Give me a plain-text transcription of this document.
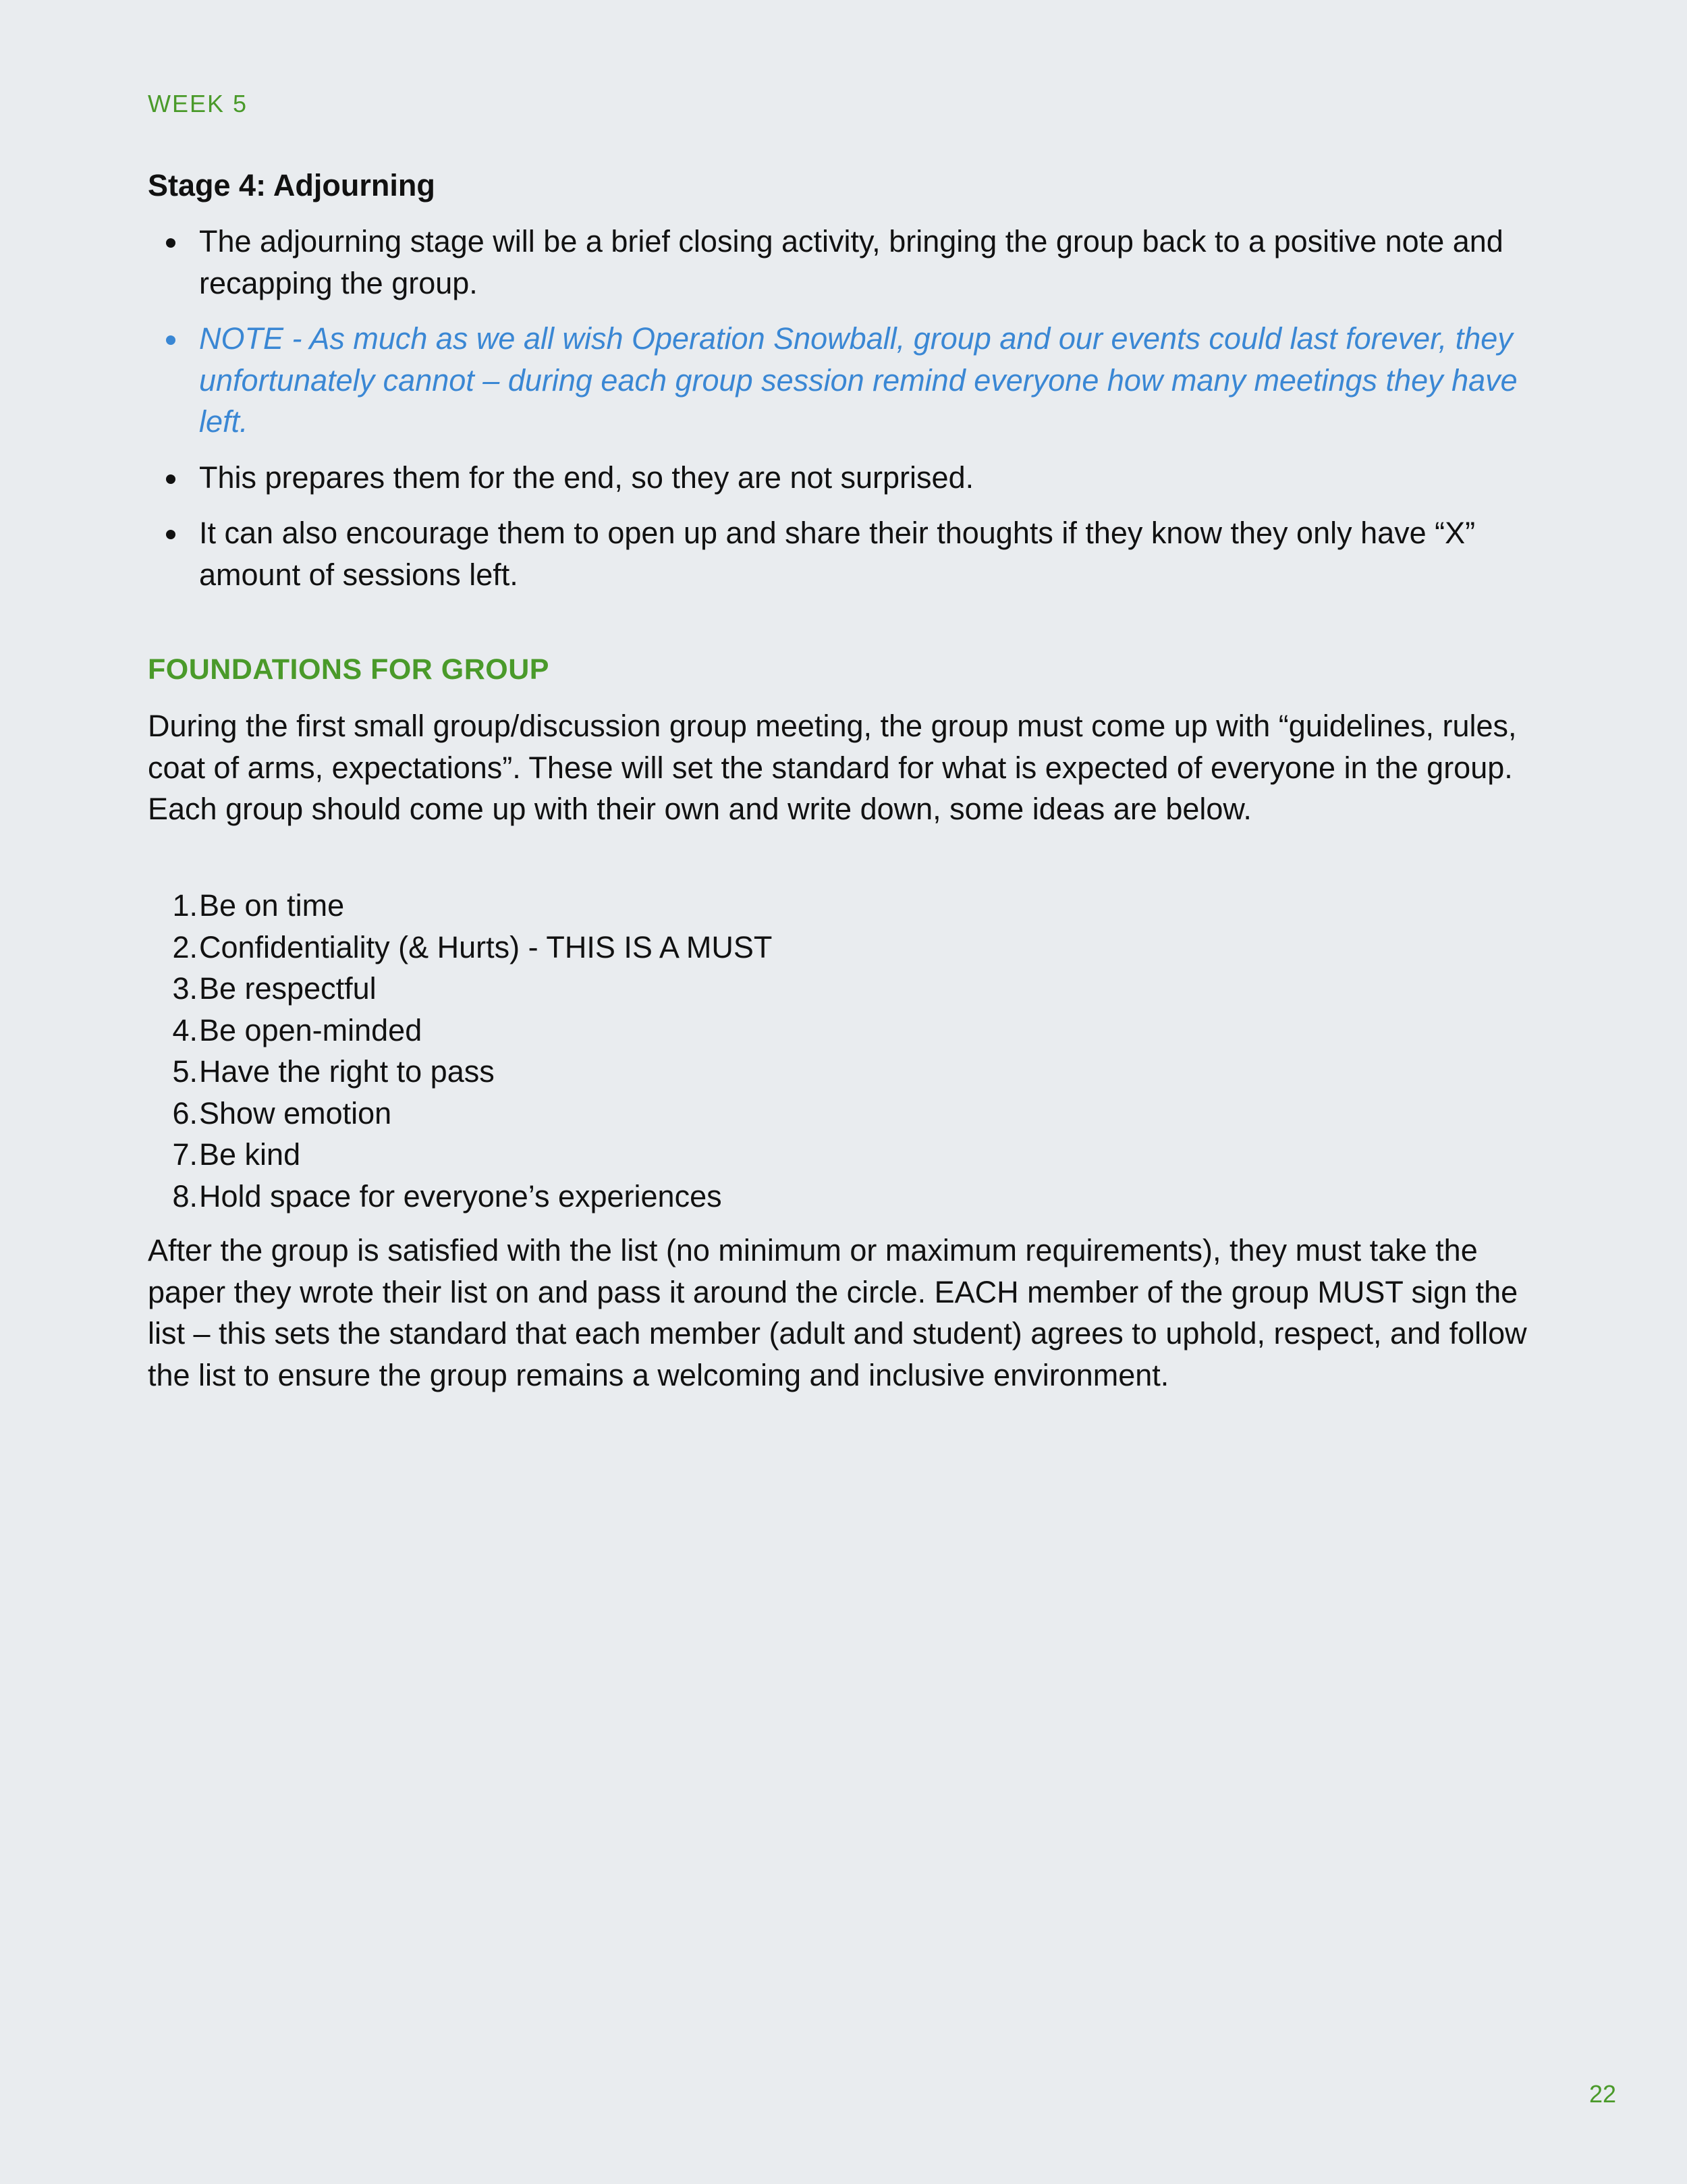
WEEK 5
Stage 4: Adjourning
The adjourning stage will be a brief closing activity, bringing the group back to a positive note and recapping the group.
NOTE - As much as we all wish Operation Snowball, group and our events could last forever, they unfortunately cannot – during each group session remind everyone how many meetings they have left.
This prepares them for the end, so they are not surprised.
It can also encourage them to open up and share their thoughts if they know they only have “X” amount of sessions left.
FOUNDATIONS FOR GROUP

During the first small group/discussion group meeting, the group must come up with “guidelines, rules, coat of arms, expectations”. These will set the standard for what is expected of everyone in the group. Each group should come up with their own and write down, some ideas are below.

1. Be on time
2. Confidentiality (& Hurts) - THIS IS A MUST
3. Be respectful
4. Be open-minded
5. Have the right to pass
6. Show emotion
7. Be kind
8. Hold space for everyone’s experiences

After the group is satisfied with the list (no minimum or maximum requirements), they must take the paper they wrote their list on and pass it around the circle. EACH member of the group MUST sign the list – this sets the standard that each member (adult and student) agrees to uphold, respect, and follow the list to ensure the group remains a welcoming and inclusive environment.

22
